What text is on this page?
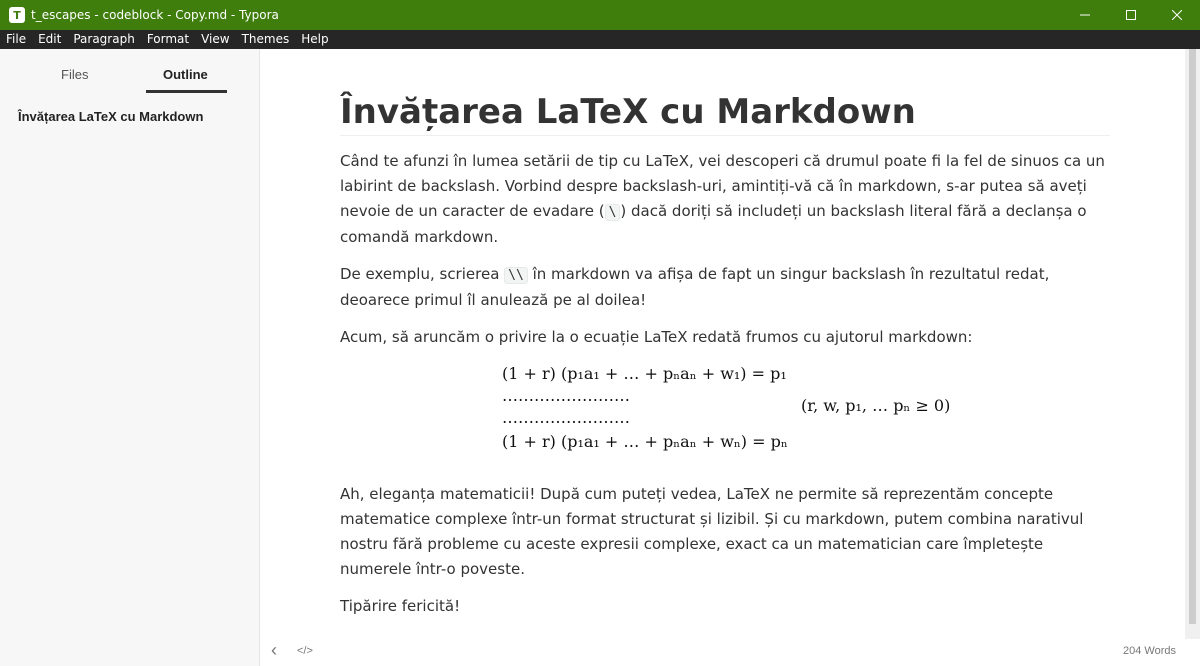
T t_escapes - codeblock - Copy.md - Typora
File	Edit	Paragraph	Format	View	Themes	Help
Files	Outline
Învățarea LaTeX cu Markdown	Învățarea LaTeX cu Markdown

Când te afunzi în lumea setării de tip cu LaTeX, vei descoperi că drumul poate fi la fel de sinuos ca un labirint de backslash. Vorbind despre backslash-uri, amintiți-vă că în markdown, s-ar putea să aveți nevoie de un caracter de evadare ( \ ) dacă doriți să includeți un backslash literal fără a declanșa o comandă markdown.

De exemplu, scrierea \\ în markdown va afișa de fapt un singur backslash în rezultatul redat, deoarece primul îl anulează pe al doilea!

Acum, să aruncăm o privire la o ecuație LaTeX redată frumos cu ajutorul markdown:

(1 + r) (p₁a₁ + … + pₙaₙ + w₁) = p₁
……………………
……………………
(1 + r) (p₁a₁ + … + pₙaₙ + wₙ) = pₙ
(r, w, p₁, … pₙ ≥ 0)

Ah, eleganța matematicii! După cum puteți vedea, LaTeX ne permite să reprezentăm concepte matematice complexe într-un format structurat și lizibil. Și cu markdown, putem combina narativul nostru fără probleme cu aceste expresii complexe, exact ca un matematician care împletește numerele într-o poveste.

Tipărire fericită!

‹ </>	204 Words
